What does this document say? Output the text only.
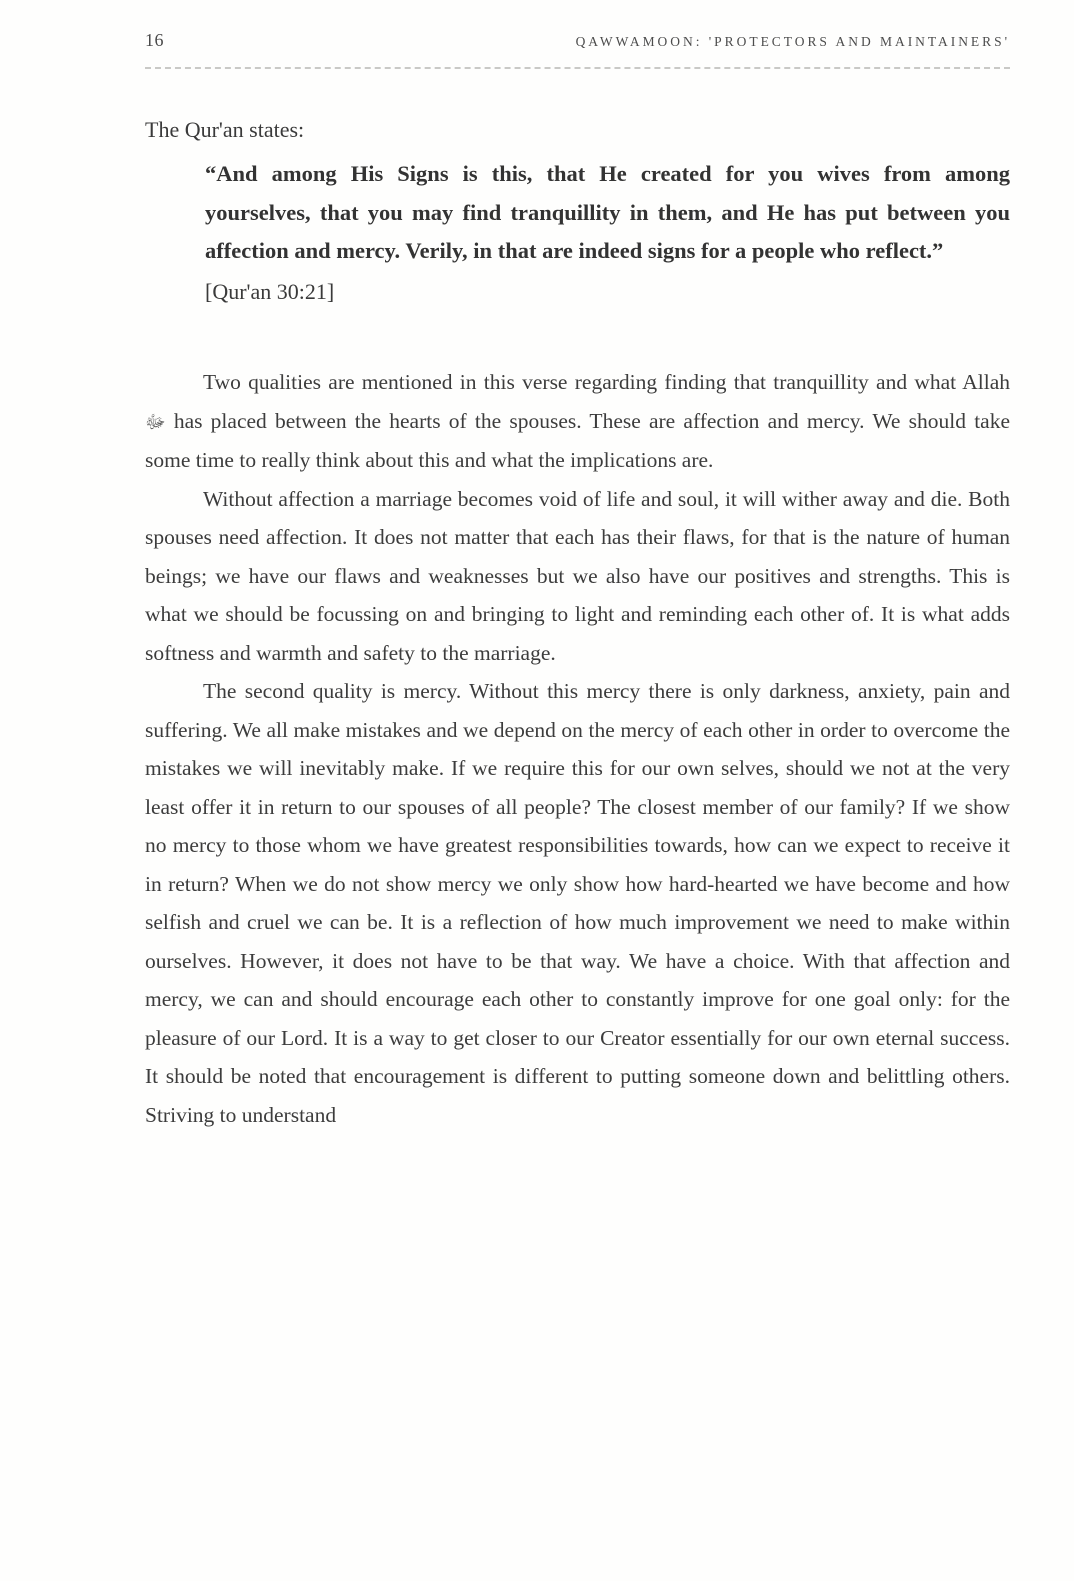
16	QAWWAMOON: 'PROTECTORS AND MAINTAINERS'
The Qur'an states:
“And among His Signs is this, that He created for you wives from among yourselves, that you may find tranquillity in them, and He has put between you affection and mercy. Verily, in that are indeed signs for a people who reflect.”
[Qur'an 30:21]

Two qualities are mentioned in this verse regarding finding that tranquillity and what Allah ﷻ has placed between the hearts of the spouses. These are affection and mercy. We should take some time to really think about this and what the implications are.

Without affection a marriage becomes void of life and soul, it will wither away and die. Both spouses need affection. It does not matter that each has their flaws, for that is the nature of human beings; we have our flaws and weaknesses but we also have our positives and strengths. This is what we should be focussing on and bringing to light and reminding each other of. It is what adds softness and warmth and safety to the marriage.

The second quality is mercy. Without this mercy there is only darkness, anxiety, pain and suffering. We all make mistakes and we depend on the mercy of each other in order to overcome the mistakes we will inevitably make. If we require this for our own selves, should we not at the very least offer it in return to our spouses of all people? The closest member of our family? If we show no mercy to those whom we have greatest responsibilities towards, how can we expect to receive it in return? When we do not show mercy we only show how hard-hearted we have become and how selfish and cruel we can be. It is a reflection of how much improvement we need to make within ourselves. However, it does not have to be that way. We have a choice. With that affection and mercy, we can and should encourage each other to constantly improve for one goal only: for the pleasure of our Lord. It is a way to get closer to our Creator essentially for our own eternal success. It should be noted that encouragement is different to putting someone down and belittling others. Striving to understand
